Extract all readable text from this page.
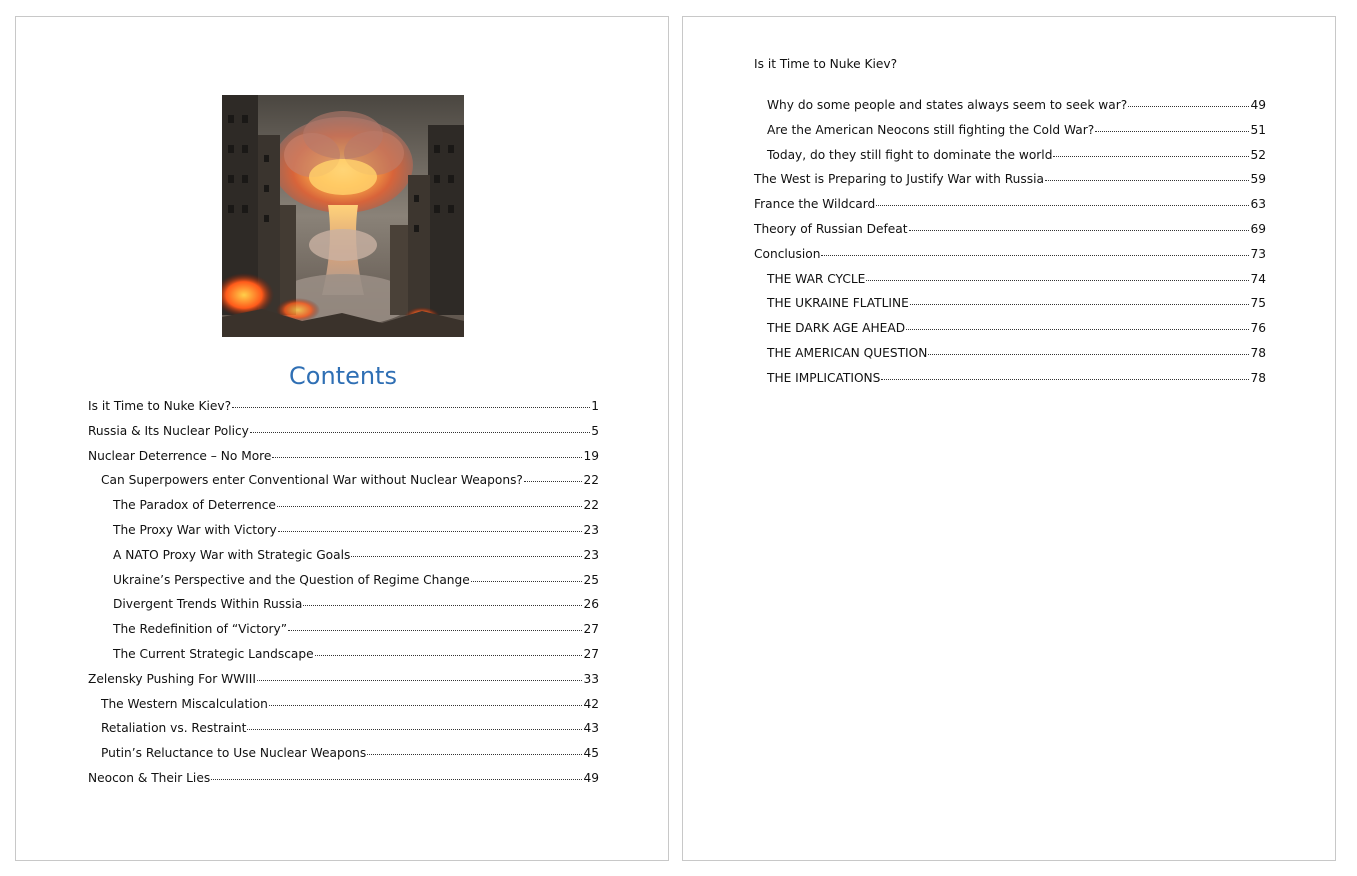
Contents
Is it Time to Nuke Kiev?	1
Russia & Its Nuclear Policy	5
Nuclear Deterrence – No More	19
Can Superpowers enter Conventional War without Nuclear Weapons?	22
The Paradox of Deterrence	22
The Proxy War with Victory	23
A NATO Proxy War with Strategic Goals	23
Ukraine’s Perspective and the Question of Regime Change	25
Divergent Trends Within Russia	26
The Redefinition of “Victory”	27
The Current Strategic Landscape	27
Zelensky Pushing For WWIII	33
The Western Miscalculation	42
Retaliation vs. Restraint	43
Putin’s Reluctance to Use Nuclear Weapons	45
Neocon & Their Lies	49
Is it Time to Nuke Kiev?
Why do some people and states always seem to seek war?	49
Are the American Neocons still fighting the Cold War?	51
Today, do they still fight to dominate the world	52
The West is Preparing to Justify War with Russia	59
France the Wildcard	63
Theory of Russian Defeat	69
Conclusion	73
THE WAR CYCLE	74
THE UKRAINE FLATLINE	75
THE DARK AGE AHEAD	76
THE AMERICAN QUESTION	78
THE IMPLICATIONS	78
